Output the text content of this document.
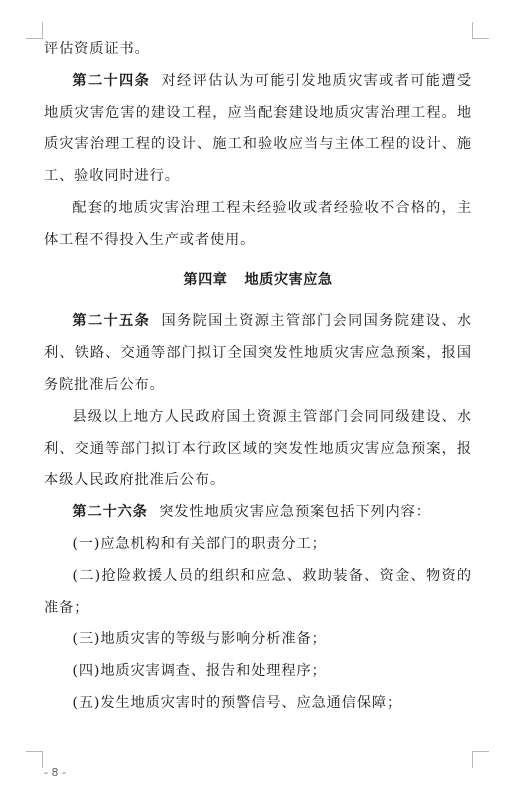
评估资质证书。

第二十四条 对经评估认为可能引发地质灾害或者可能遭受地质灾害危害的建设工程，应当配套建设地质灾害治理工程。地质灾害治理工程的设计、施工和验收应当与主体工程的设计、施工、验收同时进行。

配套的地质灾害治理工程未经验收或者经验收不合格的，主体工程不得投入生产或者使用。

第四章 地质灾害应急

第二十五条 国务院国土资源主管部门会同国务院建设、水利、铁路、交通等部门拟订全国突发性地质灾害应急预案，报国务院批准后公布。

县级以上地方人民政府国土资源主管部门会同同级建设、水利、交通等部门拟订本行政区域的突发性地质灾害应急预案，报本级人民政府批准后公布。

第二十六条 突发性地质灾害应急预案包括下列内容：

(一)应急机构和有关部门的职责分工；

(二)抢险救援人员的组织和应急、救助装备、资金、物资的准备；

(三)地质灾害的等级与影响分析准备；

(四)地质灾害调查、报告和处理程序；

(五)发生地质灾害时的预警信号、应急通信保障；

- 8 -
